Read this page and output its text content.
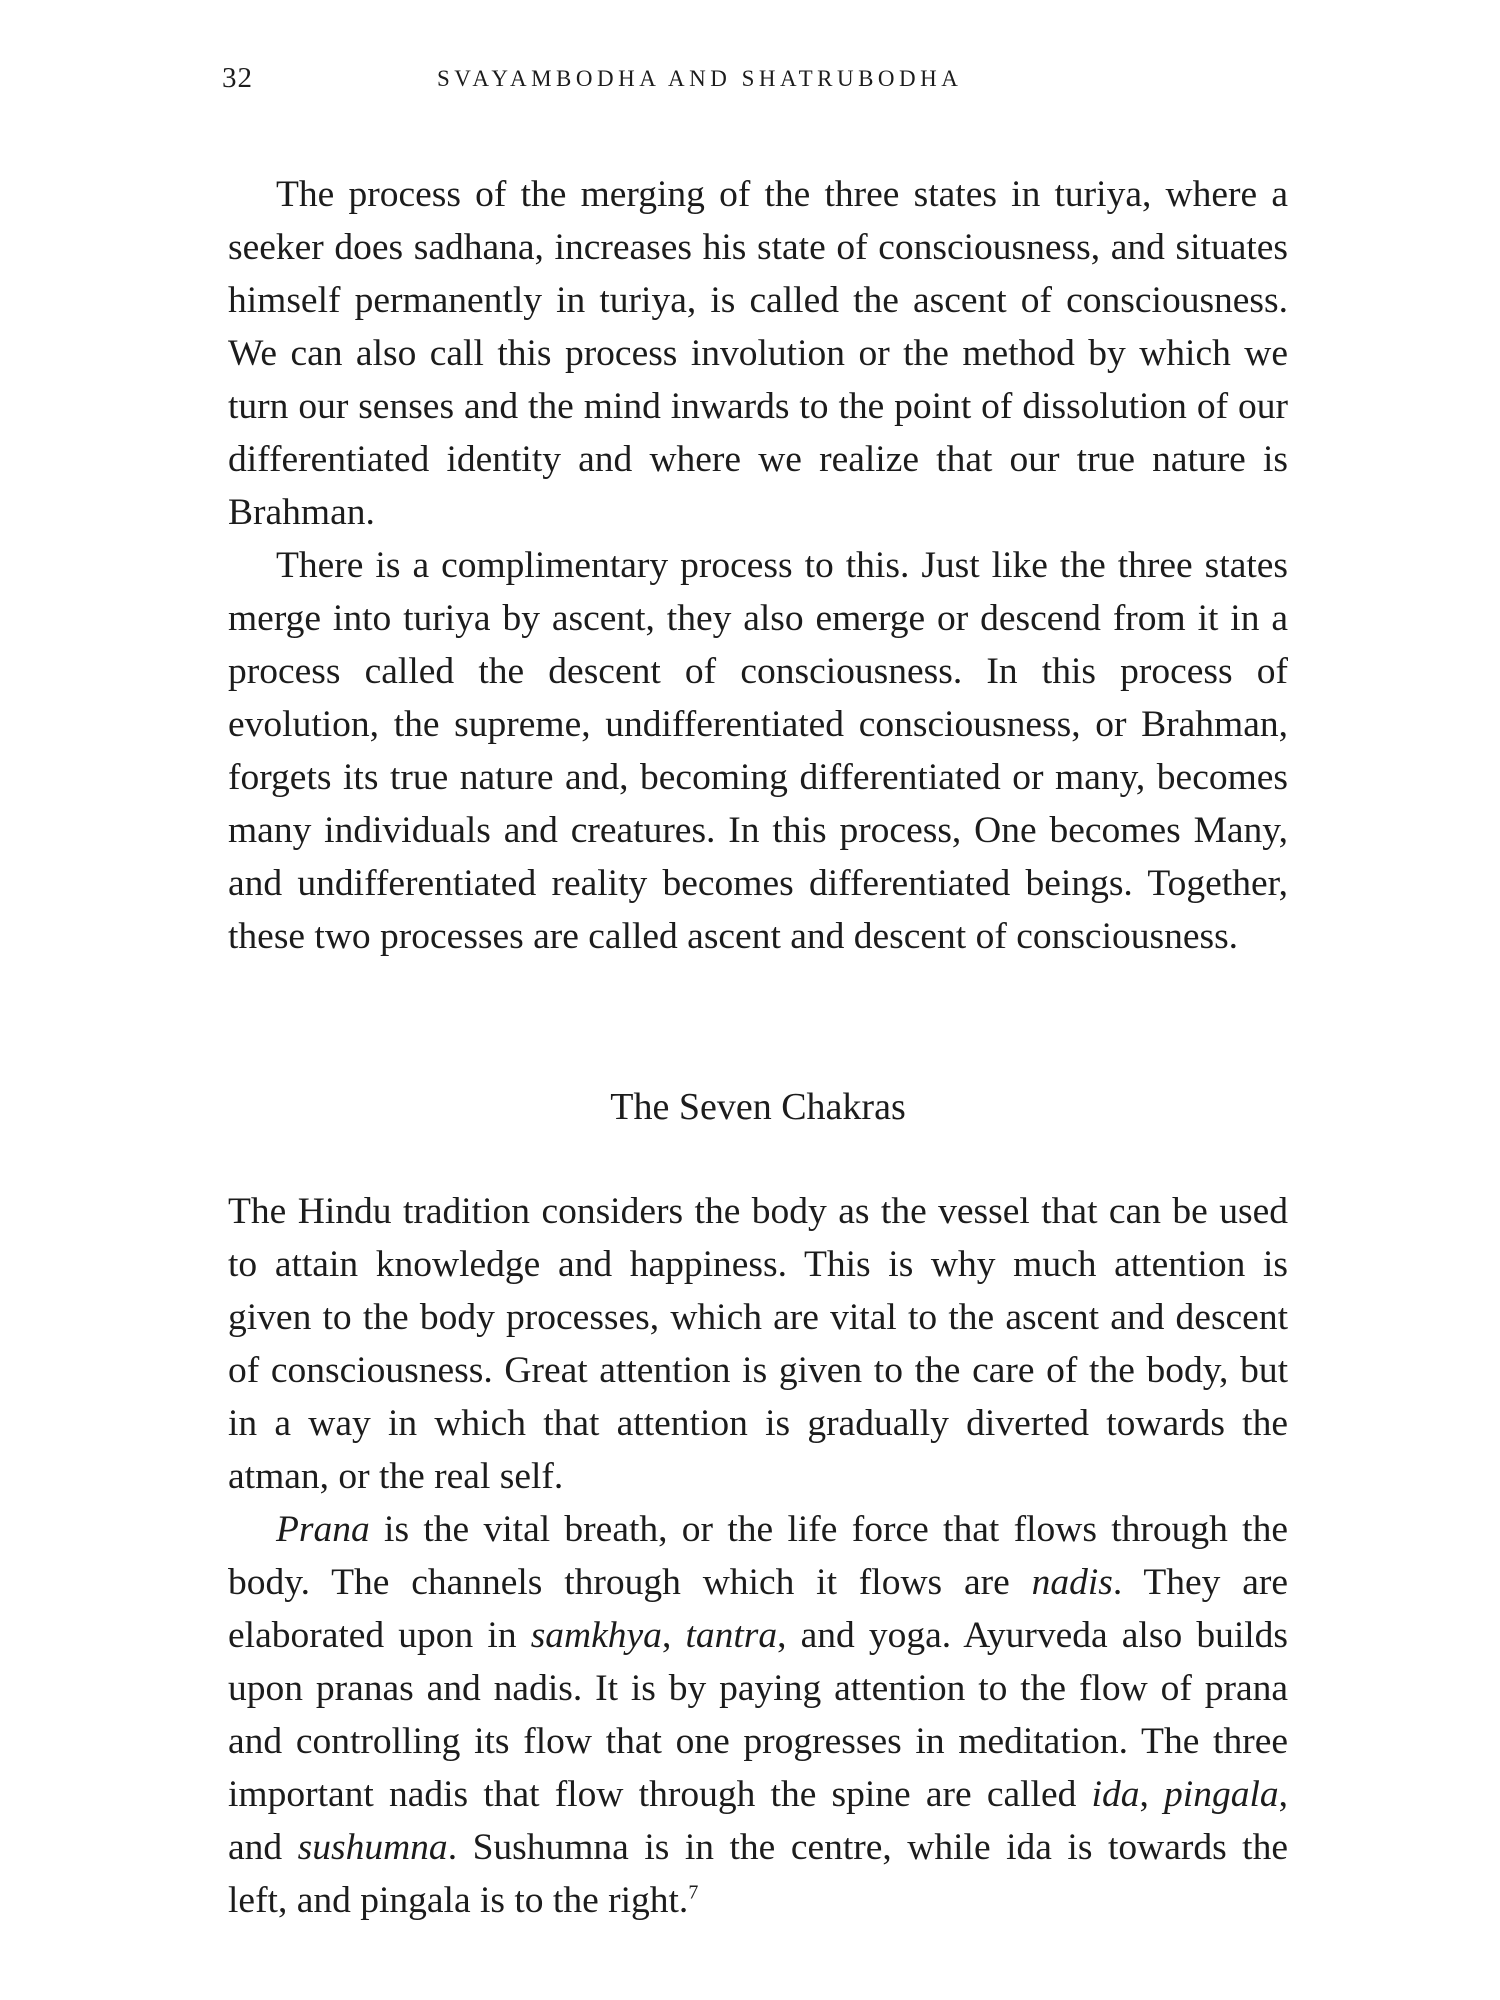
32	SVAYAMBODHA AND SHATRUBODHA

The process of the merging of the three states in turiya, where a seeker does sadhana, increases his state of consciousness, and situates himself permanently in turiya, is called the ascent of consciousness. We can also call this process involution or the method by which we turn our senses and the mind inwards to the point of dissolution of our differentiated identity and where we realize that our true nature is Brahman.

There is a complimentary process to this. Just like the three states merge into turiya by ascent, they also emerge or descend from it in a process called the descent of consciousness. In this process of evolution, the supreme, undifferentiated consciousness, or Brahman, forgets its true nature and, becoming differentiated or many, becomes many individuals and creatures. In this process, One becomes Many, and undifferentiated reality becomes differentiated beings. Together, these two processes are called ascent and descent of consciousness.

The Seven Chakras

The Hindu tradition considers the body as the vessel that can be used to attain knowledge and happiness. This is why much attention is given to the body processes, which are vital to the ascent and descent of consciousness. Great attention is given to the care of the body, but in a way in which that attention is gradually diverted towards the atman, or the real self.

Prana is the vital breath, or the life force that flows through the body. The channels through which it flows are nadis. They are elaborated upon in samkhya, tantra, and yoga. Ayurveda also builds upon pranas and nadis. It is by paying attention to the flow of prana and controlling its flow that one progresses in meditation. The three important nadis that flow through the spine are called ida, pingala, and sushumna. Sushumna is in the centre, while ida is towards the left, and pingala is to the right.$^7$
